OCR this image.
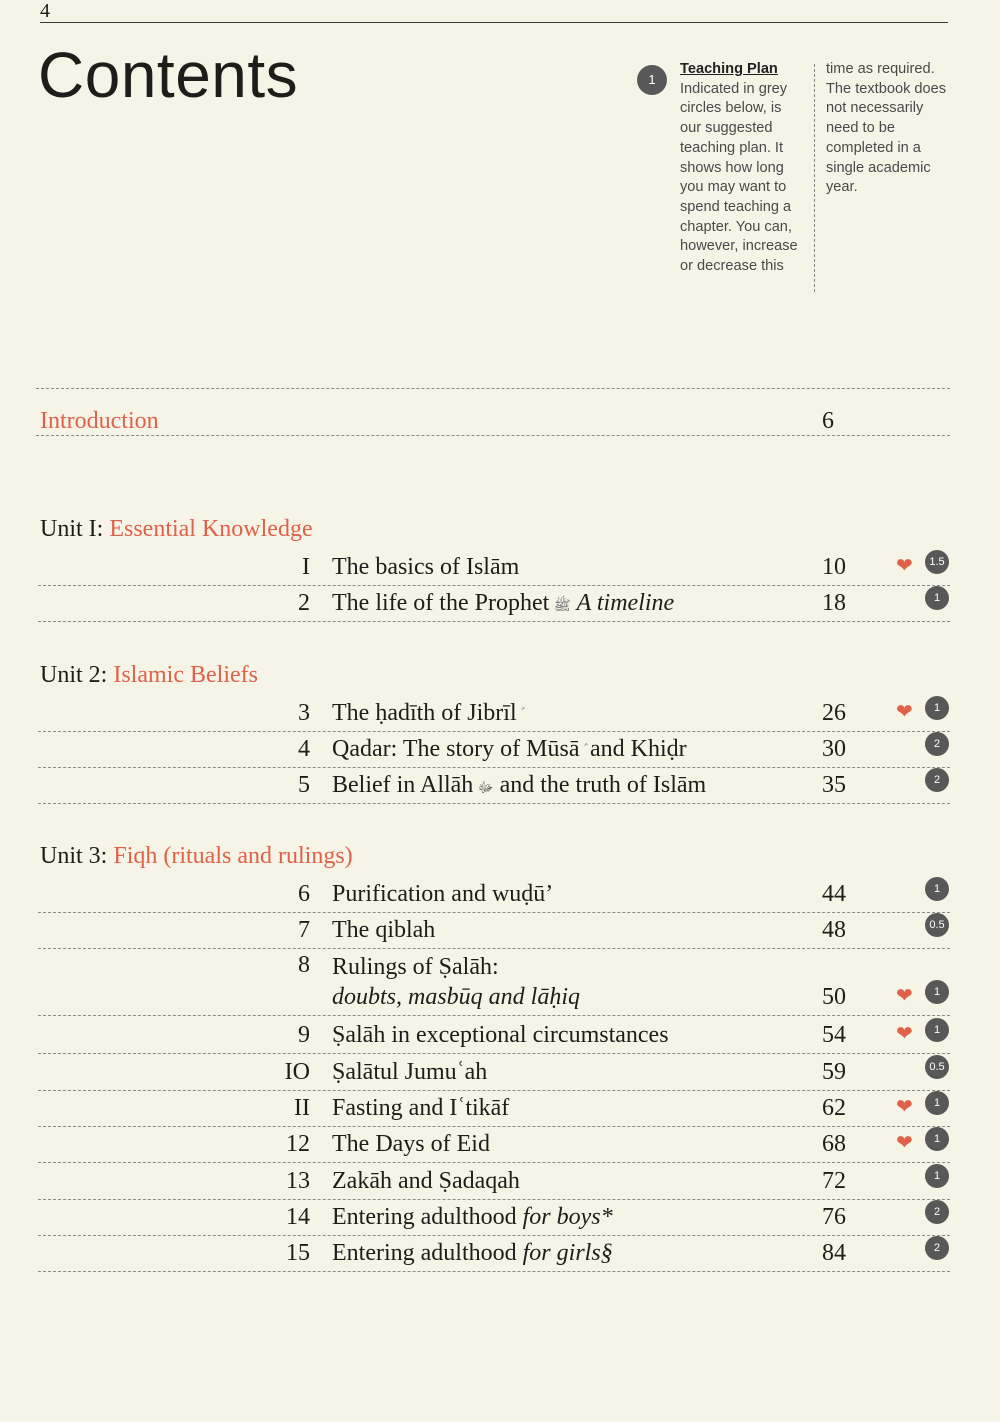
4
Contents	1
Teaching Plan
Indicated in grey circles below, is our suggested teaching plan. It shows how long you may want to spend teaching a chapter. You can, however, increase or decrease this
time as required. The textbook does not necessarily need to be completed in a single academic year.
Introduction	6
Unit I: Essential Knowledge
Unit 2: Islamic Beliefs
Unit 3: Fiqh (rituals and rulings)
I The basics of Islām	10	❤	1.5
2 The life of the Prophet ﷺ A timeline	18	1
3 The ḥadīth of Jibrīl ؑ	26	❤	1
4 Qadar: The story of Mūsā ؑ and Khiḍr	30	2
5 Belief in Allāh ﷻ and the truth of Islām	35	2
6 Purification and wuḍū’	44	1
7 The qiblah	48	0.5
8 Rulings of Ṣalāh:
doubts, masbūq and lāḥiq	50	❤	1
9 Ṣalāh in exceptional circumstances	54	❤	1
IO Ṣalātul Jumuʿah	59	0.5
II Fasting and Iʿtikāf	62	❤	1
12 The Days of Eid	68	❤	1
13 Zakāh and Ṣadaqah	72	1
14 Entering adulthood for boys*	76	2
15 Entering adulthood for girls§	84	2
